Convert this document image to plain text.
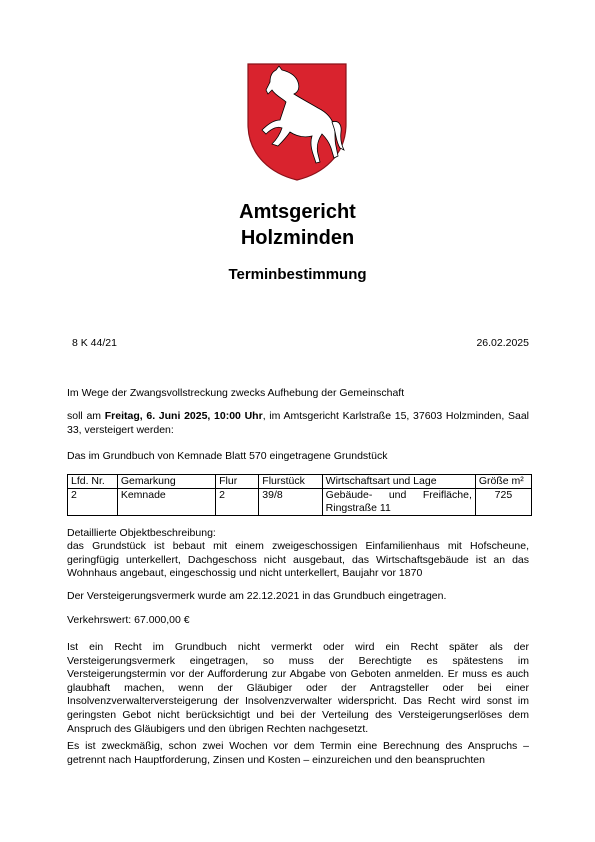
Amtsgericht
Holzminden
Terminbestimmung
8 K 44/21	26.02.2025
Im Wege der Zwangsvollstreckung zwecks Aufhebung der Gemeinschaft
soll am Freitag, 6. Juni 2025, 10:00 Uhr, im Amtsgericht Karlstraße 15, 37603 Holzminden, Saal 33, versteigert werden:
Das im Grundbuch von Kemnade Blatt 570 eingetragene Grundstück
Lfd. Nr.	Gemarkung	Flur	Flurstück	Wirtschaftsart und Lage	Größe m²
2	Kemnade	2	39/8	Gebäude- und Freifläche, Ringstraße 11	725
Detaillierte Objektbeschreibung:
das Grundstück ist bebaut mit einem zweigeschossigen Einfamilienhaus mit Hofscheune, geringfügig unterkellert, Dachgeschoss nicht ausgebaut, das Wirtschaftsgebäude ist an das Wohnhaus angebaut, eingeschossig und nicht unterkellert, Baujahr vor 1870
Der Versteigerungsvermerk wurde am 22.12.2021 in das Grundbuch eingetragen.
Verkehrswert: 67.000,00 €
Ist ein Recht im Grundbuch nicht vermerkt oder wird ein Recht später als der Versteigerungsvermerk eingetragen, so muss der Berechtigte es spätestens im Versteigerungstermin vor der Aufforderung zur Abgabe von Geboten anmelden. Er muss es auch glaubhaft machen, wenn der Gläubiger oder der Antragsteller oder bei einer Insolvenzverwalterversteigerung der Insolvenzverwalter widerspricht. Das Recht wird sonst im geringsten Gebot nicht berücksichtigt und bei der Verteilung des Versteigerungserlöses dem Anspruch des Gläubigers und den übrigen Rechten nachgesetzt.
Es ist zweckmäßig, schon zwei Wochen vor dem Termin eine Berechnung des Anspruchs – getrennt nach Hauptforderung, Zinsen und Kosten – einzureichen und den beanspruchten
